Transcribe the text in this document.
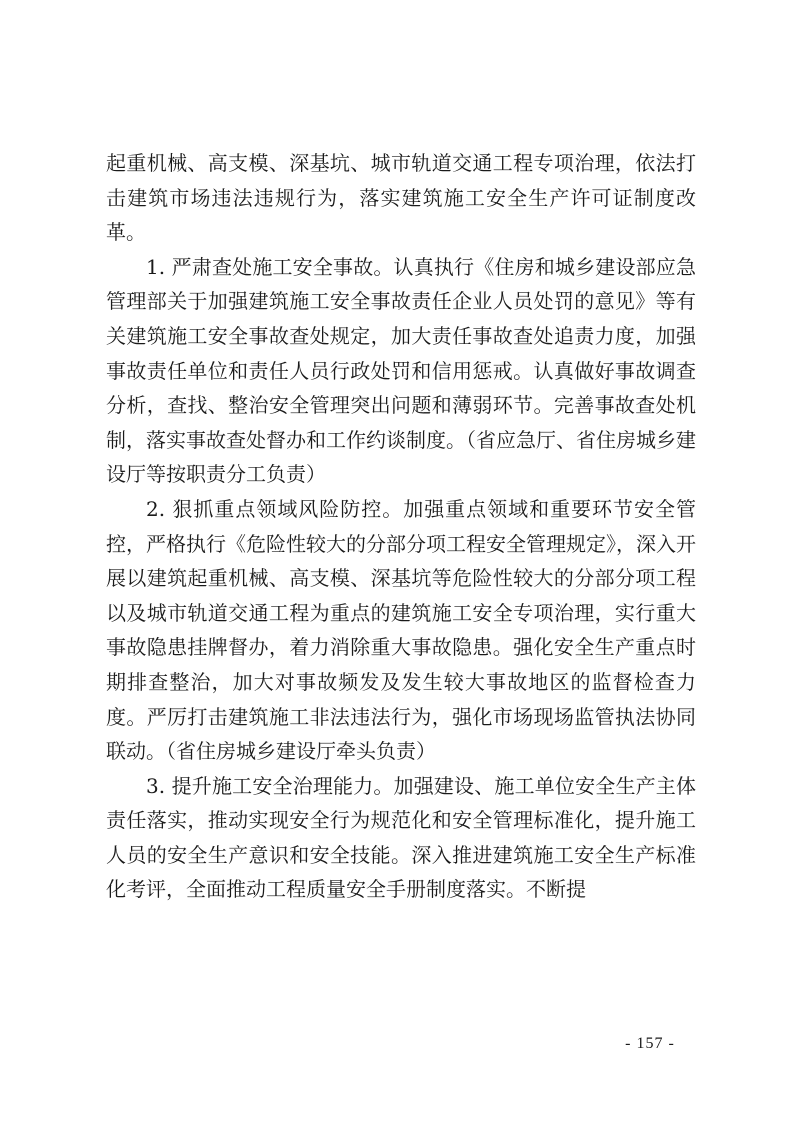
起重机械、高支模、深基坑、城市轨道交通工程专项治理，依法打击建筑市场违法违规行为，落实建筑施工安全生产许可证制度改革。

1. 严肃查处施工安全事故。认真执行《住房和城乡建设部应急管理部关于加强建筑施工安全事故责任企业人员处罚的意见》等有关建筑施工安全事故查处规定，加大责任事故查处追责力度，加强事故责任单位和责任人员行政处罚和信用惩戒。认真做好事故调查分析，查找、整治安全管理突出问题和薄弱环节。完善事故查处机制，落实事故查处督办和工作约谈制度。（省应急厅、省住房城乡建设厅等按职责分工负责）

2. 狠抓重点领域风险防控。加强重点领域和重要环节安全管控，严格执行《危险性较大的分部分项工程安全管理规定》，深入开展以建筑起重机械、高支模、深基坑等危险性较大的分部分项工程以及城市轨道交通工程为重点的建筑施工安全专项治理，实行重大事故隐患挂牌督办，着力消除重大事故隐患。强化安全生产重点时期排查整治，加大对事故频发及发生较大事故地区的监督检查力度。严厉打击建筑施工非法违法行为，强化市场现场监管执法协同联动。（省住房城乡建设厅牵头负责）

3. 提升施工安全治理能力。加强建设、施工单位安全生产主体责任落实，推动实现安全行为规范化和安全管理标准化，提升施工人员的安全生产意识和安全技能。深入推进建筑施工安全生产标准化考评，全面推动工程质量安全手册制度落实。不断提

- 157 -
